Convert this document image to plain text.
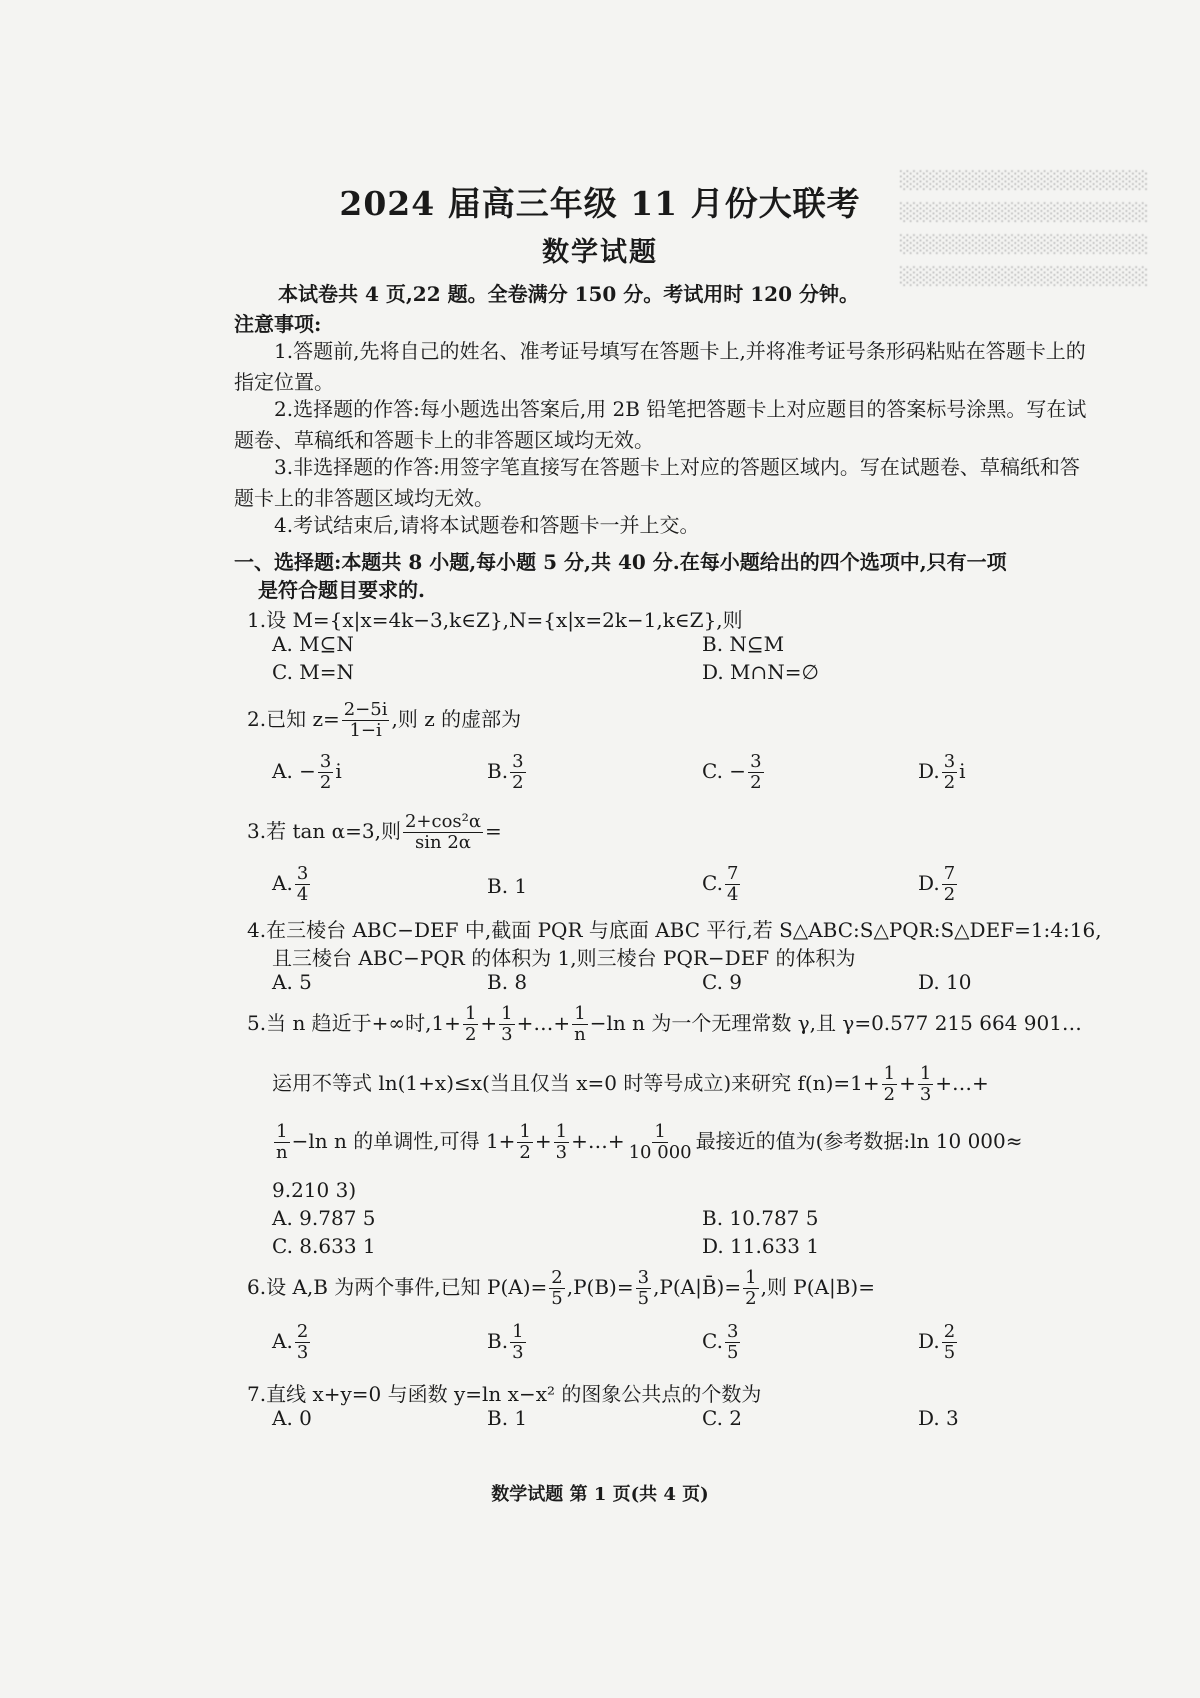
░░░░░░░░░░░░░░░░░░░
░░░░░░░░░░░░░░░░░░░
░░░░░░░░░░░░░░░░░░░
░░░░░░░░░░░░░░░░░░░
2024 届高三年级 11 月份大联考
数学试题
本试卷共 4 页,22 题。全卷满分 150 分。考试用时 120 分钟。
注意事项:
1.答题前,先将自己的姓名、准考证号填写在答题卡上,并将准考证号条形码粘贴在答题卡上的指定位置。
2.选择题的作答:每小题选出答案后,用 2B 铅笔把答题卡上对应题目的答案标号涂黑。写在试题卷、草稿纸和答题卡上的非答题区域均无效。
3.非选择题的作答:用签字笔直接写在答题卡上对应的答题区域内。写在试题卷、草稿纸和答题卡上的非答题区域均无效。
4.考试结束后,请将本试题卷和答题卡一并上交。
一、选择题:本题共 8 小题,每小题 5 分,共 40 分.在每小题给出的四个选项中,只有一项
是符合题目要求的.
1.设 M={x|x=4k−3,k∈Z},N={x|x=2k−1,k∈Z},则
A. M⊆N	B. N⊆M
C. M=N	D. M∩N=∅
2.已知 $z= \frac{2-5i}{1-i}$ ,则 z 的虚部为
A. − $\frac{3}{2}$ i	B. $\frac{3}{2}$	C. − $\frac{3}{2}$	D. $\frac{3}{2}$ i
3.若 tan α=3,则 $\frac{\text{2+cos²α}}{\sin 2\alpha}$ =
A. $\frac{3}{4}$	B. 1	C. $\frac{7}{4}$	D. $\frac{7}{2}$
4.在三棱台 ABC−DEF 中,截面 PQR 与底面 ABC 平行,若 S△ABC:S△PQR:S△DEF=1:4:16,
且三棱台 ABC−PQR 的体积为 1,则三棱台 PQR−DEF 的体积为
A. 5	B. 8	C. 9	D. 10
5.当 n 趋近于+∞时$,1+ \frac{1}{2} + \frac{1}{3}$ +…+ $\frac{1}{n} -\ln$ n 为一个无理常数 γ,且 γ=0.577 215 664 901…
运用不等式 ln(1+x)≤x(当且仅当 x=0 时等号成立)来研究 $f(n)=1+ \frac{1}{2} + \frac{1}{3}$ +…+
$\frac{1}{n} -\ln$ n 的单调性,可得 $1+ \frac{1}{2} + \frac{1}{3}$ +…+ $\frac{1}{10 000}$ 最接近的值为(参考数据:ln 10 000≈
9.210 3)
A. 9.787 5	B. 10.787 5
C. 8.633 1	D. 11.633 1
6.设 A,B 为两个事件,已知 $P(A)= \frac{2}{5} ,P(B)= \frac{3}{5}$ ,P(A|B̄)= $\frac{1}{2}$ ,则 P(A|B)=
A. $\frac{2}{3}$	B. $\frac{1}{3}$	C. $\frac{3}{5}$	D. $\frac{2}{5}$
7.直线 x+y=0 与函数 y=ln x−x² 的图象公共点的个数为
A. 0	B. 1	C. 2	D. 3
数学试题 第 1 页(共 4 页)
